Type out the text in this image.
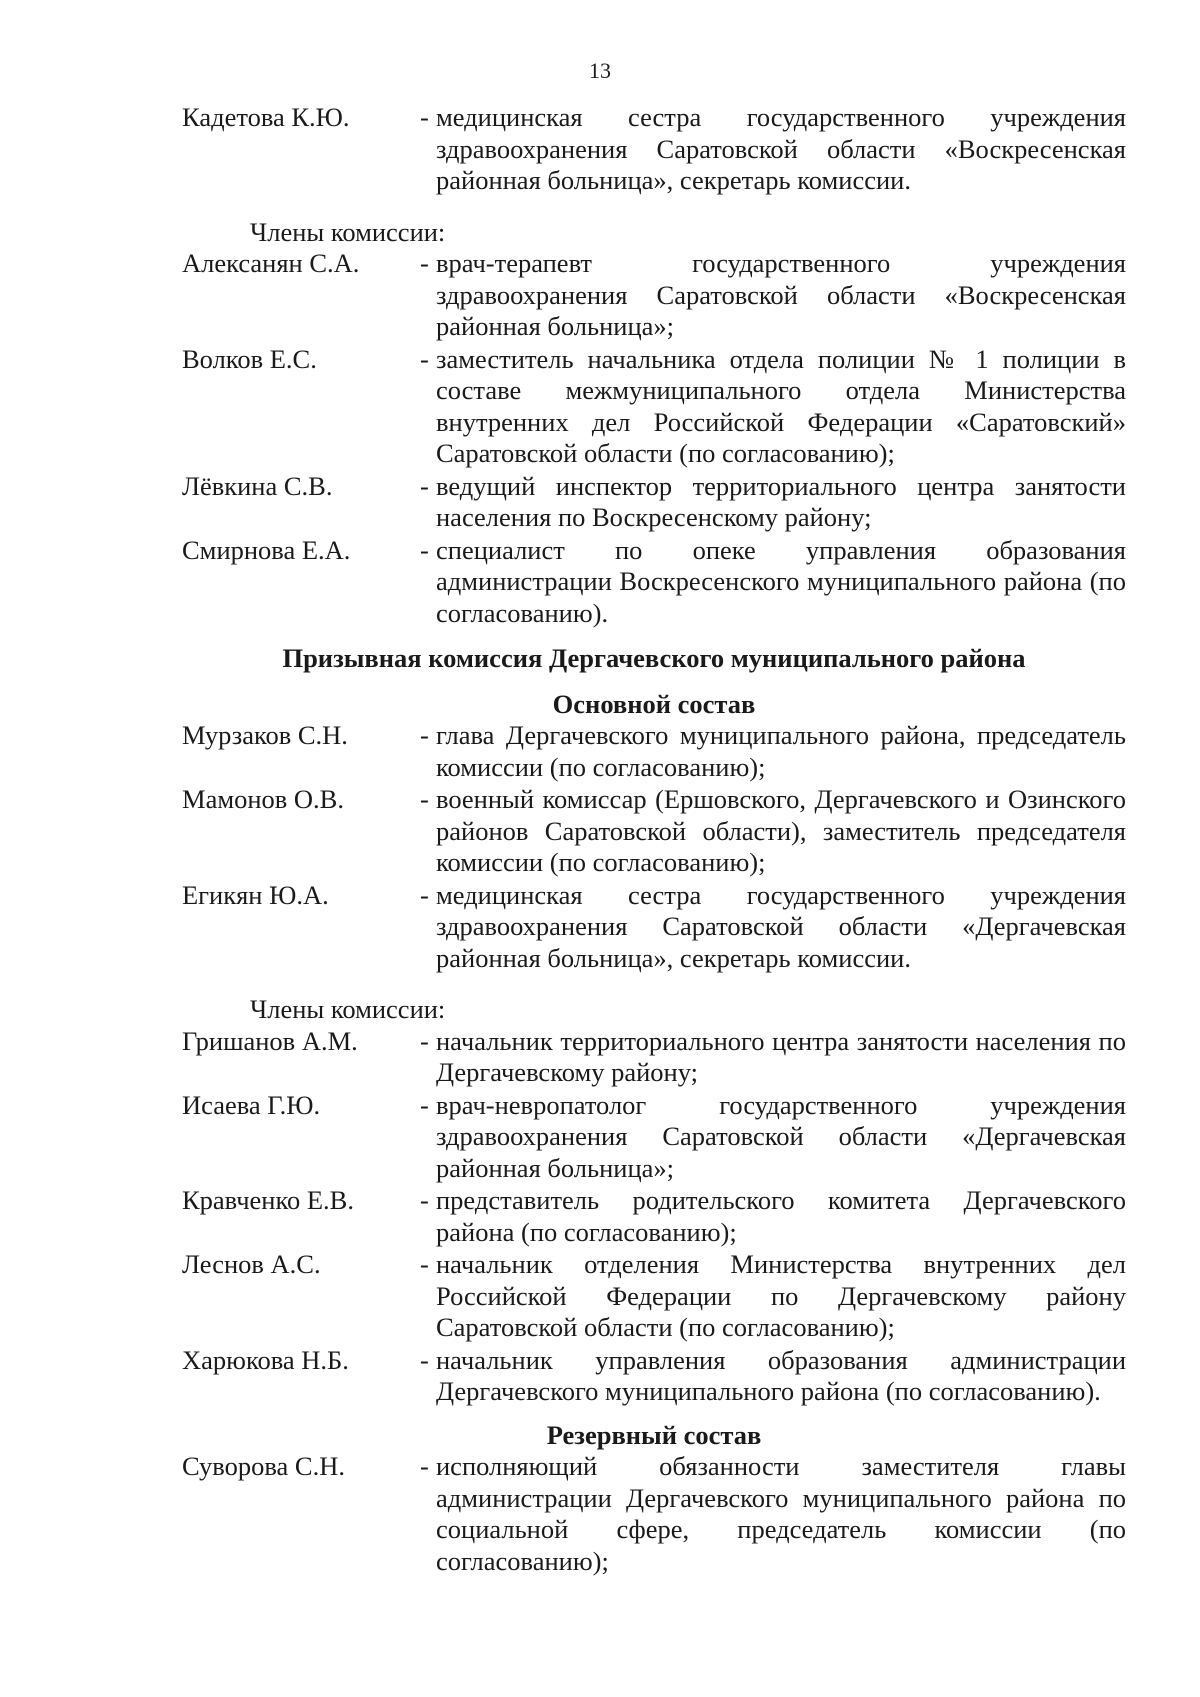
13
Кадетова К.Ю.	- медицинская сестра государственного учреждения здравоохранения Саратовской области «Воскресенская районная больница», секретарь комиссии.
Члены комиссии:
Алексанян С.А.	- врач-терапевт государственного учреждения здравоохранения Саратовской области «Воскресенская районная больница»;
Волков Е.С.	- заместитель начальника отдела полиции № 1 полиции в составе межмуниципального отдела Министерства внутренних дел Российской Федерации «Саратовский» Саратовской области (по согласованию);
Лёвкина С.В.	- ведущий инспектор территориального центра занятости населения по Воскресенскому району;
Смирнова Е.А.	- специалист по опеке управления образования администрации Воскресенского муниципального района (по согласованию).
Призывная комиссия Дергачевского муниципального района
Основной состав
Мурзаков С.Н.	- глава Дергачевского муниципального района, председатель комиссии (по согласованию);
Мамонов О.В.	- военный комиссар (Ершовского, Дергачевского и Озинского районов Саратовской области), заместитель председателя комиссии (по согласованию);
Егикян Ю.А.	- медицинская сестра государственного учреждения здравоохранения Саратовской области «Дергачевская районная больница», секретарь комиссии.
Члены комиссии:
Гришанов А.М.	- начальник территориального центра занятости населения по Дергачевскому району;
Исаева Г.Ю.	- врач-невропатолог государственного учреждения здравоохранения Саратовской области «Дергачевская районная больница»;
Кравченко Е.В.	- представитель родительского комитета Дергачевского района (по согласованию);
Леснов А.С.	- начальник отделения Министерства внутренних дел Российской Федерации по Дергачевскому району Саратовской области (по согласованию);
Харюкова Н.Б.	- начальник управления образования администрации Дергачевского муниципального района (по согласованию).
Резервный состав
Суворова С.Н.	- исполняющий обязанности заместителя главы администрации Дергачевского муниципального района по социальной сфере, председатель комиссии (по согласованию);
